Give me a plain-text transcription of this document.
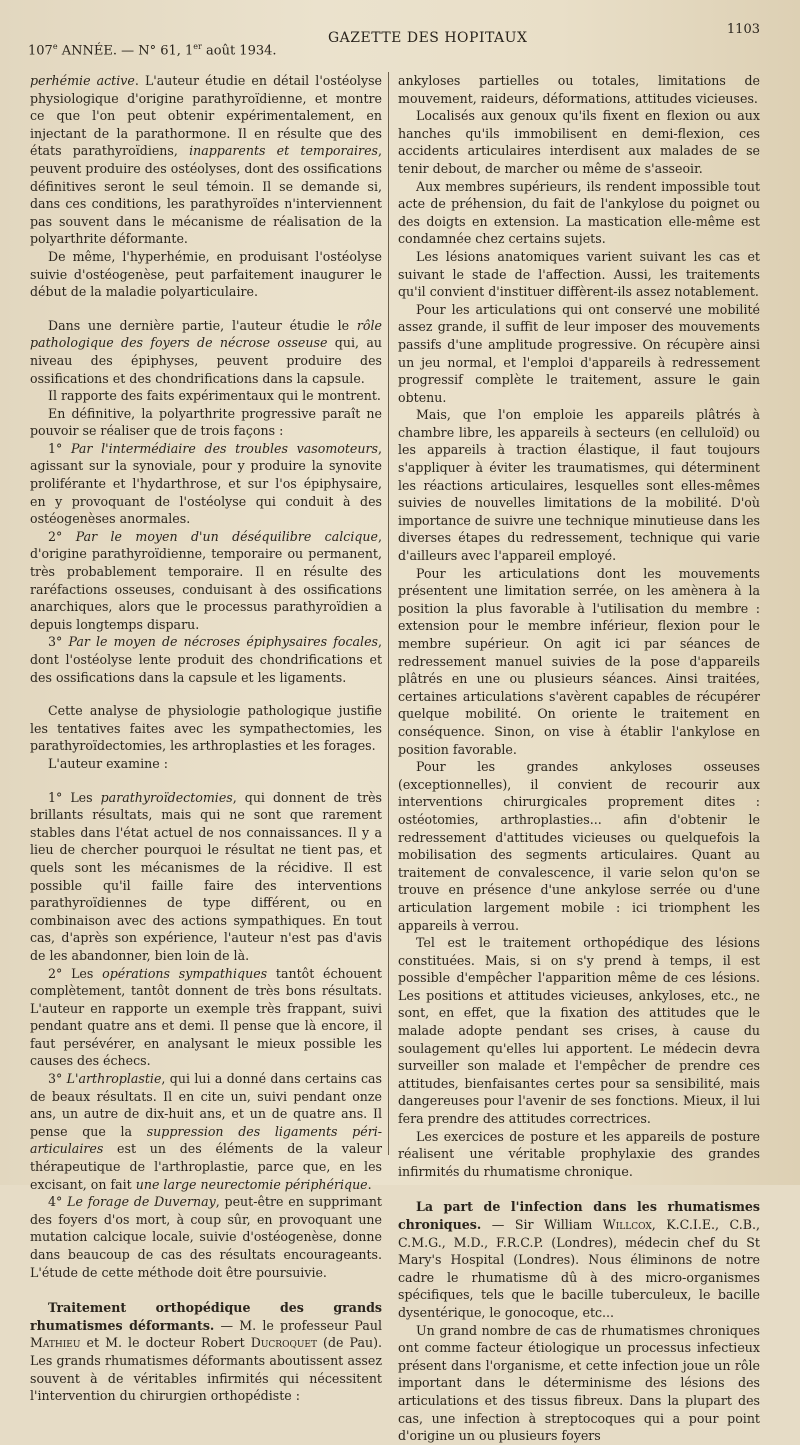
107e ANNÉE. — N° 61, 1er août 1934.
GAZETTE DES HOPITAUX
1103

perhémie active. L'auteur étudie en détail l'ostéolyse physiologique d'origine parathyroïdienne, et montre ce que l'on peut obtenir expérimentalement, en injectant de la parathormone. Il en résulte que des états parathyroïdiens, inapparents et temporaires, peuvent produire des ostéolyses, dont des ossifications définitives seront le seul témoin. Il se demande si, dans ces conditions, les parathyroïdes n'interviennent pas souvent dans le mécanisme de réalisation de la polyarthrite déformante.

De même, l'hyperhémie, en produisant l'ostéolyse suivie d'ostéogenèse, peut parfaitement inaugurer le début de la maladie polyarticulaire.

Dans une dernière partie, l'auteur étudie le rôle pathologique des foyers de nécrose osseuse qui, au niveau des épiphyses, peuvent produire des ossifications et des chondrifications dans la capsule.

Il rapporte des faits expérimentaux qui le montrent.

En définitive, la polyarthrite progressive paraît ne pouvoir se réaliser que de trois façons :

1° Par l'intermédiaire des troubles vasomoteurs, agissant sur la synoviale, pour y produire la synovite proliférante et l'hydarthrose, et sur l'os épiphysaire, en y provoquant de l'ostéolyse qui conduit à des ostéogenèses anormales.

2° Par le moyen d'un déséquilibre calcique, d'origine parathyroïdienne, temporaire ou permanent, très probablement temporaire. Il en résulte des raréfactions osseuses, conduisant à des ossifications anarchiques, alors que le processus parathyroïdien a depuis longtemps disparu.

3° Par le moyen de nécroses épiphysaires focales, dont l'ostéolyse lente produit des chondrifications et des ossifications dans la capsule et les ligaments.

Cette analyse de physiologie pathologique justifie les tentatives faites avec les sympathectomies, les parathyroïdectomies, les arthroplasties et les forages.

L'auteur examine :

1° Les parathyroïdectomies, qui donnent de très brillants résultats, mais qui ne sont que rarement stables dans l'état actuel de nos connaissances. Il y a lieu de chercher pourquoi le résultat ne tient pas, et quels sont les mécanismes de la récidive. Il est possible qu'il faille faire des interventions parathyroïdiennes de type différent, ou en combinaison avec des actions sympathiques. En tout cas, d'après son expérience, l'auteur n'est pas d'avis de les abandonner, bien loin de là.

2° Les opérations sympathiques tantôt échouent complètement, tantôt donnent de très bons résultats. L'auteur en rapporte un exemple très frappant, suivi pendant quatre ans et demi. Il pense que là encore, il faut persévérer, en analysant le mieux possible les causes des échecs.

3° L'arthroplastie, qui lui a donné dans certains cas de beaux résultats. Il en cite un, suivi pendant onze ans, un autre de dix-huit ans, et un de quatre ans. Il pense que la suppression des ligaments péri-articulaires est un des éléments de la valeur thérapeutique de l'arthroplastie, parce que, en les excisant, on fait une large neurectomie périphérique.

4° Le forage de Duvernay, peut-être en supprimant des foyers d'os mort, à coup sûr, en provoquant une mutation calcique locale, suivie d'ostéogenèse, donne dans beaucoup de cas des résultats encourageants. L'étude de cette méthode doit être poursuivie.

Traitement orthopédique des grands rhumatismes déformants. — M. le professeur Paul Mathieu et M. le docteur Robert Ducroquet (de Pau). Les grands rhumatismes déformants aboutissent assez souvent à de véritables infirmités qui nécessitent l'intervention du chirurgien orthopédiste :

ankyloses partielles ou totales, limitations de mouvement, raideurs, déformations, attitudes vicieuses.

Localisés aux genoux qu'ils fixent en flexion ou aux hanches qu'ils immobilisent en demi-flexion, ces accidents articulaires interdisent aux malades de se tenir debout, de marcher ou même de s'asseoir.

Aux membres supérieurs, ils rendent impossible tout acte de préhension, du fait de l'ankylose du poignet ou des doigts en extension. La mastication elle-même est condamnée chez certains sujets.

Les lésions anatomiques varient suivant les cas et suivant le stade de l'affection. Aussi, les traitements qu'il convient d'instituer diffèrent-ils assez notablement.

Pour les articulations qui ont conservé une mobilité assez grande, il suffit de leur imposer des mouvements passifs d'une amplitude progressive. On récupère ainsi un jeu normal, et l'emploi d'appareils à redressement progressif complète le traitement, assure le gain obtenu.

Mais, que l'on emploie les appareils plâtrés à chambre libre, les appareils à secteurs (en celluloïd) ou les appareils à traction élastique, il faut toujours s'appliquer à éviter les traumatismes, qui déterminent les réactions articulaires, lesquelles sont elles-mêmes suivies de nouvelles limitations de la mobilité. D'où importance de suivre une technique minutieuse dans les diverses étapes du redressement, technique qui varie d'ailleurs avec l'appareil employé.

Pour les articulations dont les mouvements présentent une limitation serrée, on les amènera à la position la plus favorable à l'utilisation du membre : extension pour le membre inférieur, flexion pour le membre supérieur. On agit ici par séances de redressement manuel suivies de la pose d'appareils plâtrés en une ou plusieurs séances. Ainsi traitées, certaines articulations s'avèrent capables de récupérer quelque mobilité. On oriente le traitement en conséquence. Sinon, on vise à établir l'ankylose en position favorable.

Pour les grandes ankyloses osseuses (exceptionnelles), il convient de recourir aux interventions chirurgicales proprement dites : ostéotomies, arthroplasties... afin d'obtenir le redressement d'attitudes vicieuses ou quelquefois la mobilisation des segments articulaires. Quant au traitement de convalescence, il varie selon qu'on se trouve en présence d'une ankylose serrée ou d'une articulation largement mobile : ici triomphent les appareils à verrou.

Tel est le traitement orthopédique des lésions constituées. Mais, si on s'y prend à temps, il est possible d'empêcher l'apparition même de ces lésions. Les positions et attitudes vicieuses, ankyloses, etc., ne sont, en effet, que la fixation des attitudes que le malade adopte pendant ses crises, à cause du soulagement qu'elles lui apportent. Le médecin devra surveiller son malade et l'empêcher de prendre ces attitudes, bienfaisantes certes pour sa sensibilité, mais dangereuses pour l'avenir de ses fonctions. Mieux, il lui fera prendre des attitudes correctrices.

Les exercices de posture et les appareils de posture réalisent une véritable prophylaxie des grandes infirmités du rhumatisme chronique.

La part de l'infection dans les rhumatismes chroniques. — Sir William Willcox, K.C.I.E., C.B., C.M.G., M.D., F.R.C.P. (Londres), médecin chef du St Mary's Hospital (Londres). Nous éliminons de notre cadre le rhumatisme dû à des micro-organismes spécifiques, tels que le bacille tuberculeux, le bacille dysentérique, le gonocoque, etc...

Un grand nombre de cas de rhumatismes chroniques ont comme facteur étiologique un processus infectieux présent dans l'organisme, et cette infection joue un rôle important dans le déterminisme des lésions des articulations et des tissus fibreux. Dans la plupart des cas, une infection à streptocoques qui a pour point d'origine un ou plusieurs foyers
